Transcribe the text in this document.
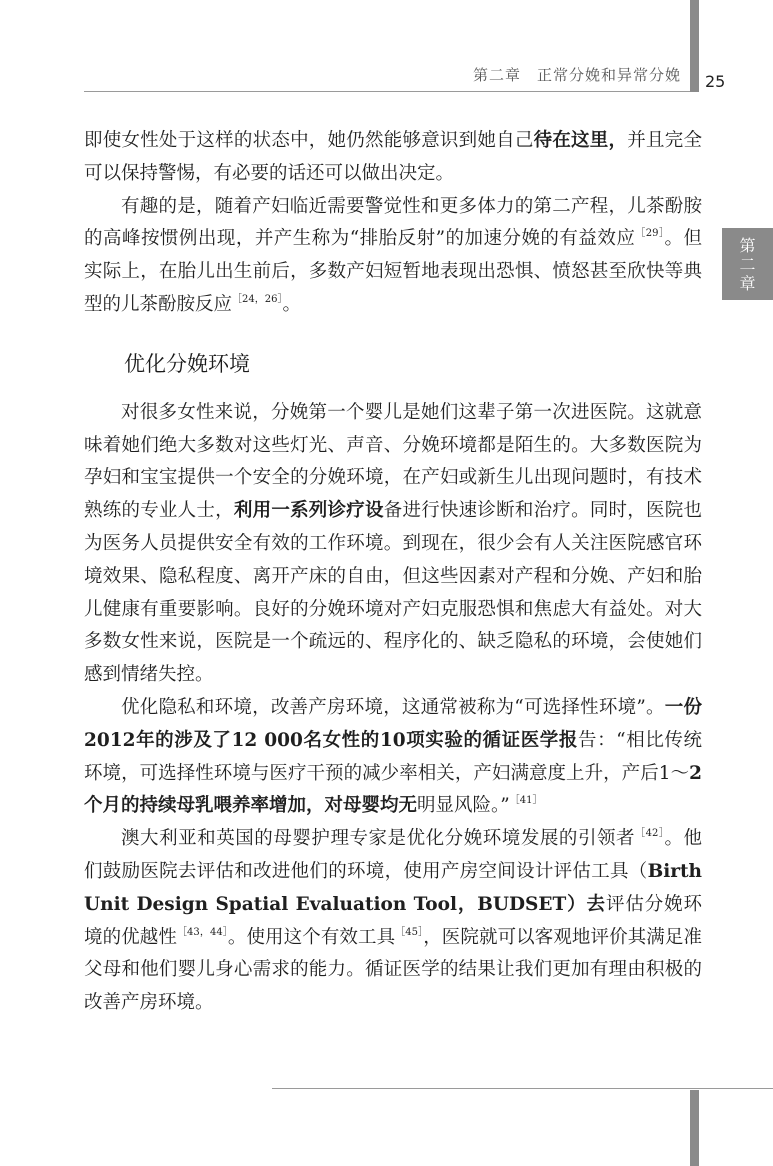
第二章　正常分娩和异常分娩 25
第
二
章

即使女性处于这样的状态中，她仍然能够意识到她自己待在这里，并且完全可以保持警惕，有必要的话还可以做出决定。

有趣的是，随着产妇临近需要警觉性和更多体力的第二产程，儿茶酚胺的高峰按惯例出现，并产生称为“排胎反射”的加速分娩的有益效应$^{[29]}$。但实际上，在胎儿出生前后，多数产妇短暂地表现出恐惧、愤怒甚至欣快等典型的儿茶酚胺反应$^{[24,26]}$。

优化分娩环境

对很多女性来说，分娩第一个婴儿是她们这辈子第一次进医院。这就意味着她们绝大多数对这些灯光、声音、分娩环境都是陌生的。大多数医院为孕妇和宝宝提供一个安全的分娩环境，在产妇或新生儿出现问题时，有技术熟练的专业人士，利用一系列诊疗设备进行快速诊断和治疗。同时，医院也为医务人员提供安全有效的工作环境。到现在，很少会有人关注医院感官环境效果、隐私程度、离开产床的自由，但这些因素对产程和分娩、产妇和胎儿健康有重要影响。良好的分娩环境对产妇克服恐惧和焦虑大有益处。对大多数女性来说，医院是一个疏远的、程序化的、缺乏隐私的环境，会使她们感到情绪失控。

优化隐私和环境，改善产房环境，这通常被称为“可选择性环境”。一份2012年的涉及了12 000名女性的10项实验的循证医学报告：“相比传统环境，可选择性环境与医疗干预的减少率相关，产妇满意度上升，产后1～2个月的持续母乳喂养率增加，对母婴均无明显风险。”$^{[41]}$

澳大利亚和英国的母婴护理专家是优化分娩环境发展的引领者$^{[42]}$。他们鼓励医院去评估和改进他们的环境，使用产房空间设计评估工具（Birth Unit Design Spatial Evaluation Tool，BUDSET）去评估分娩环境的优越性$^{[43,44]}$。使用这个有效工具$^{[45]}$，医院就可以客观地评价其满足准父母和他们婴儿身心需求的能力。循证医学的结果让我们更加有理由积极的改善产房环境。
